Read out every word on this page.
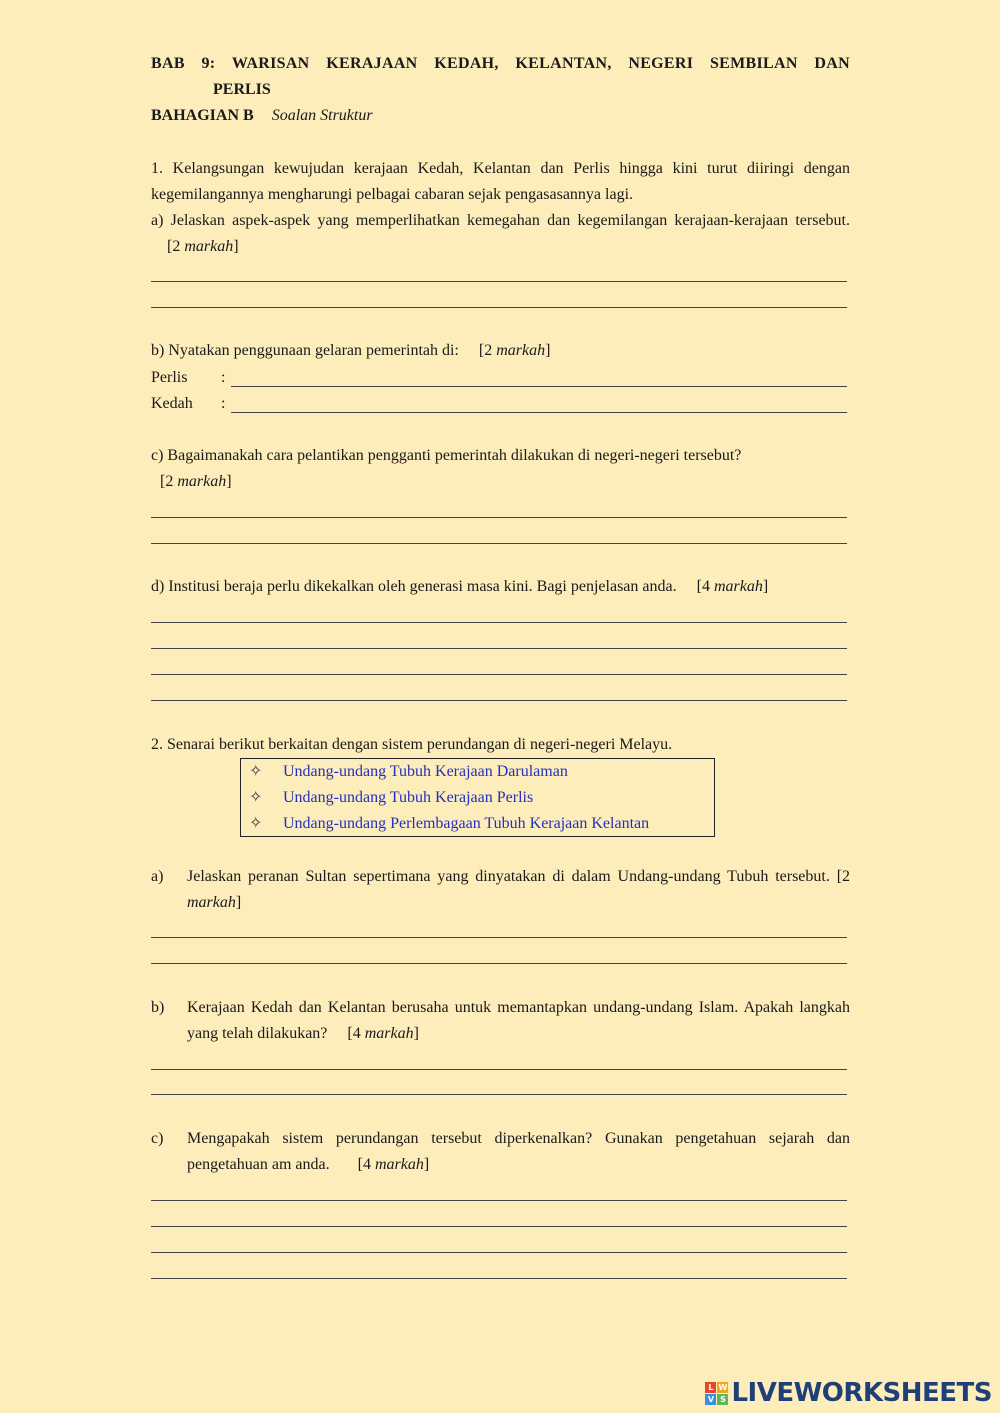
BAB 9: WARISAN KERAJAAN KEDAH, KELANTAN, NEGERI SEMBILAN DAN
PERLIS
BAHAGIAN B Soalan Struktur
1. Kelangsungan kewujudan kerajaan Kedah, Kelantan dan Perlis hingga kini turut diiringi dengan kegemilangannya mengharungi pelbagai cabaran sejak pengasasannya lagi.
a) Jelaskan aspek-aspek yang memperlihatkan kemegahan dan kegemilangan kerajaan-kerajaan tersebut. [2 markah]
b) Nyatakan penggunaan gelaran pemerintah di: [2 markah]
Perlis :
Kedah :
c) Bagaimanakah cara pelantikan pengganti pemerintah dilakukan di negeri-negeri tersebut?
[2 markah]
d) Institusi beraja perlu dikekalkan oleh generasi masa kini. Bagi penjelasan anda. [4 markah]
2. Senarai berikut berkaitan dengan sistem perundangan di negeri-negeri Melayu.
✧ Undang-undang Tubuh Kerajaan Darulaman
✧ Undang-undang Tubuh Kerajaan Perlis
✧ Undang-undang Perlembagaan Tubuh Kerajaan Kelantan
a) Jelaskan peranan Sultan sepertimana yang dinyatakan di dalam Undang-undang Tubuh tersebut. [2 markah]
b) Kerajaan Kedah dan Kelantan berusaha untuk memantapkan undang-undang Islam. Apakah langkah yang telah dilakukan? [4 markah]
c) Mengapakah sistem perundangan tersebut diperkenalkan? Gunakan pengetahuan sejarah dan pengetahuan am anda. [4 markah]
L W
V S LIVEWORKSHEETS
